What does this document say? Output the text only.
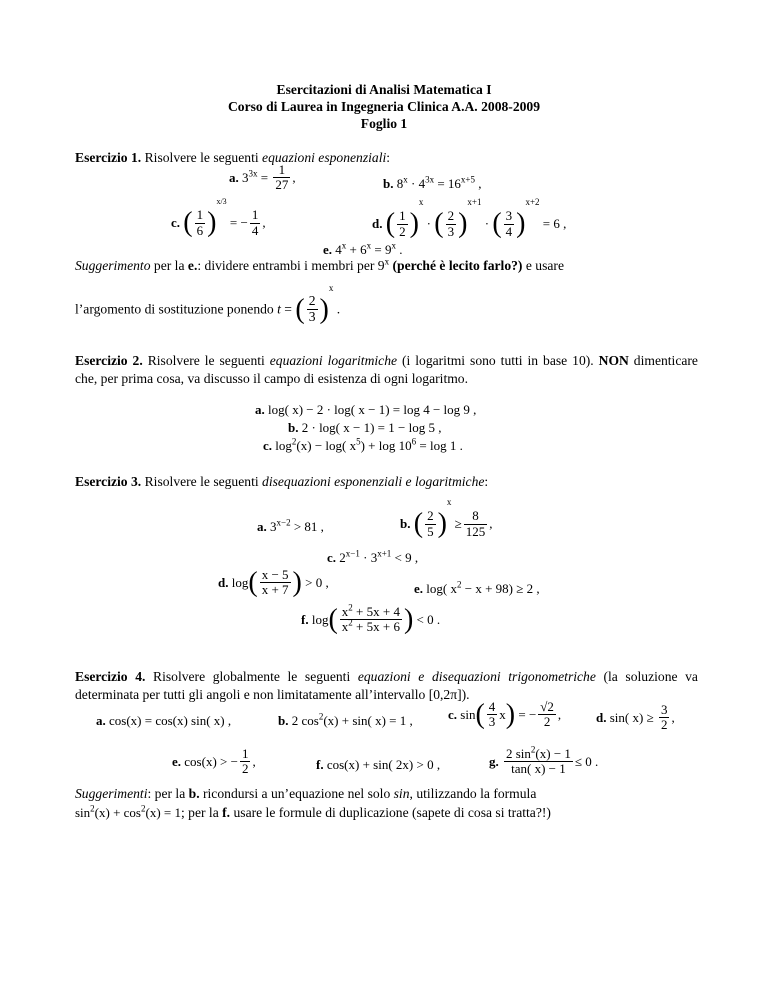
Esercitazioni di Analisi Matematica I
Corso di Laurea in Ingegneria Clinica A.A. 2008-2009
Foglio 1
Esercizio 1. Risolvere le seguenti equazioni esponenziali:
a. $3^{3x} = \frac{1}{27}$ ,	b. $8^x \cdot 4^{3x} = 16^{x+5}$ ,
c. ( $\frac{1}{6} )^{x/3}$ = − $\frac{1}{4}$ ,	d. ( $\frac{1}{2} )^x$ · ( $\frac{2}{3} )^{x+1}$ · ( $\frac{3}{4} )^{x+2} = 6$ ,
e. $4^x + 6^x = 9^x$ .
Suggerimento per la e.: dividere entrambi i membri per 9$^x$ (perché è lecito farlo?) e usare
l’argomento di sostituzione ponendo t = ( $\frac{2}{3} )^x$ .
Esercizio 2. Risolvere le seguenti equazioni logaritmiche (i logaritmi sono tutti in base 10). NON dimenticare che, per prima cosa, va discusso il campo di esistenza di ogni logaritmo.
a. log( x) − 2 · log( x − 1) = log 4 − log 9 ,
b. 2 · log( x − 1) = 1 − log 5 ,
c. $\log^2(x) - \log$( $x^5) + \log 10^6 = \log 1$ .
Esercizio 3. Risolvere le seguenti disequazioni esponenziali e logaritmiche:
a. $3^{x-2} > 81$ ,	b. ( $\frac{2}{5} )^x \ge \frac{8}{125}$ ,
c. $2^{x-1} \cdot 3^{x+1} < 9$ ,
d. $\log( \frac{x - 5}{x + 7}$ ) > 0 ,	e. log( $x^2 - x + 98) \ge 2$ ,
f. $\log( \frac{x^2 + 5x + 4}{x^2 + 5x + 6}$ ) < 0 .
Esercizio 4. Risolvere globalmente le seguenti equazioni e disequazioni trigonometriche (la soluzione va determinata per tutti gli angoli e non limitatamente all’intervallo [0,2π]).
a. cos(x) = cos(x) sin( x) ,	b. 2 $\cos^2(x) + \sin$( x) = 1 ,	c. $\sin( \frac{4}{3} x)$ = − $\frac{√2}{2}$ ,	d. sin( $x) \ge \frac{3}{2}$ ,
e. cos(x) > − $\frac{1}{2}$ ,	f. cos(x) + sin( 2x) > 0 ,	g. $\frac{2 \sin^2(x) - 1}{\tan( x) - 1} \le 0$ .
Suggerimenti: per la b. ricondursi a un’equazione nel solo sin, utilizzando la formula
$\sin^2(x) + \cos^2(x) = 1$; per la f. usare le formule di duplicazione (sapete di cosa si tratta?!)
